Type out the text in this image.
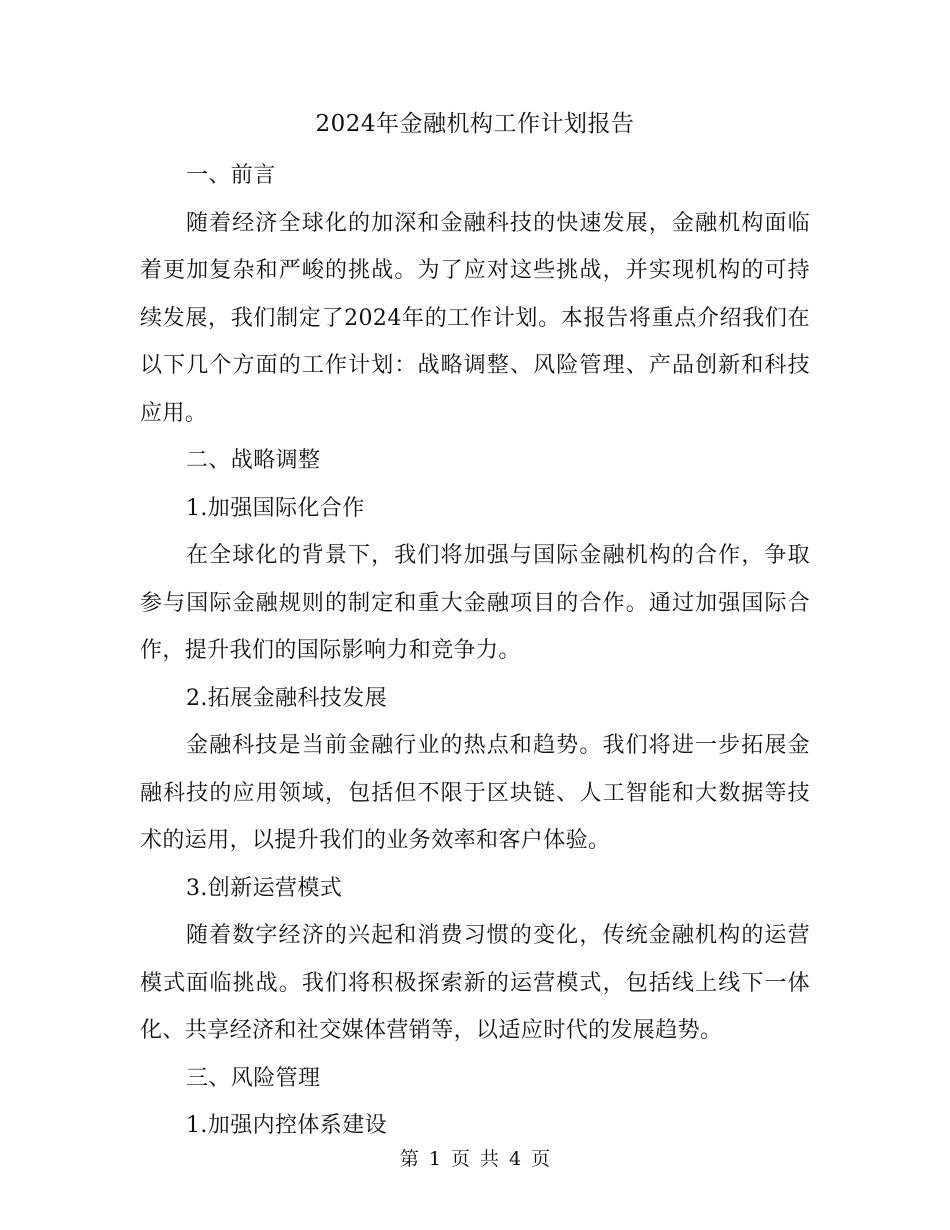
2024年金融机构工作计划报告

一、前言

随着经济全球化的加深和金融科技的快速发展，金融机构面临着更加复杂和严峻的挑战。为了应对这些挑战，并实现机构的可持续发展，我们制定了2024年的工作计划。本报告将重点介绍我们在以下几个方面的工作计划：战略调整、风险管理、产品创新和科技应用。

二、战略调整

1.加强国际化合作

在全球化的背景下，我们将加强与国际金融机构的合作，争取参与国际金融规则的制定和重大金融项目的合作。通过加强国际合作，提升我们的国际影响力和竞争力。

2.拓展金融科技发展

金融科技是当前金融行业的热点和趋势。我们将进一步拓展金融科技的应用领域，包括但不限于区块链、人工智能和大数据等技术的运用，以提升我们的业务效率和客户体验。

3.创新运营模式

随着数字经济的兴起和消费习惯的变化，传统金融机构的运营模式面临挑战。我们将积极探索新的运营模式，包括线上线下一体化、共享经济和社交媒体营销等，以适应时代的发展趋势。

三、风险管理

1.加强内控体系建设

第 1 页 共 4 页
